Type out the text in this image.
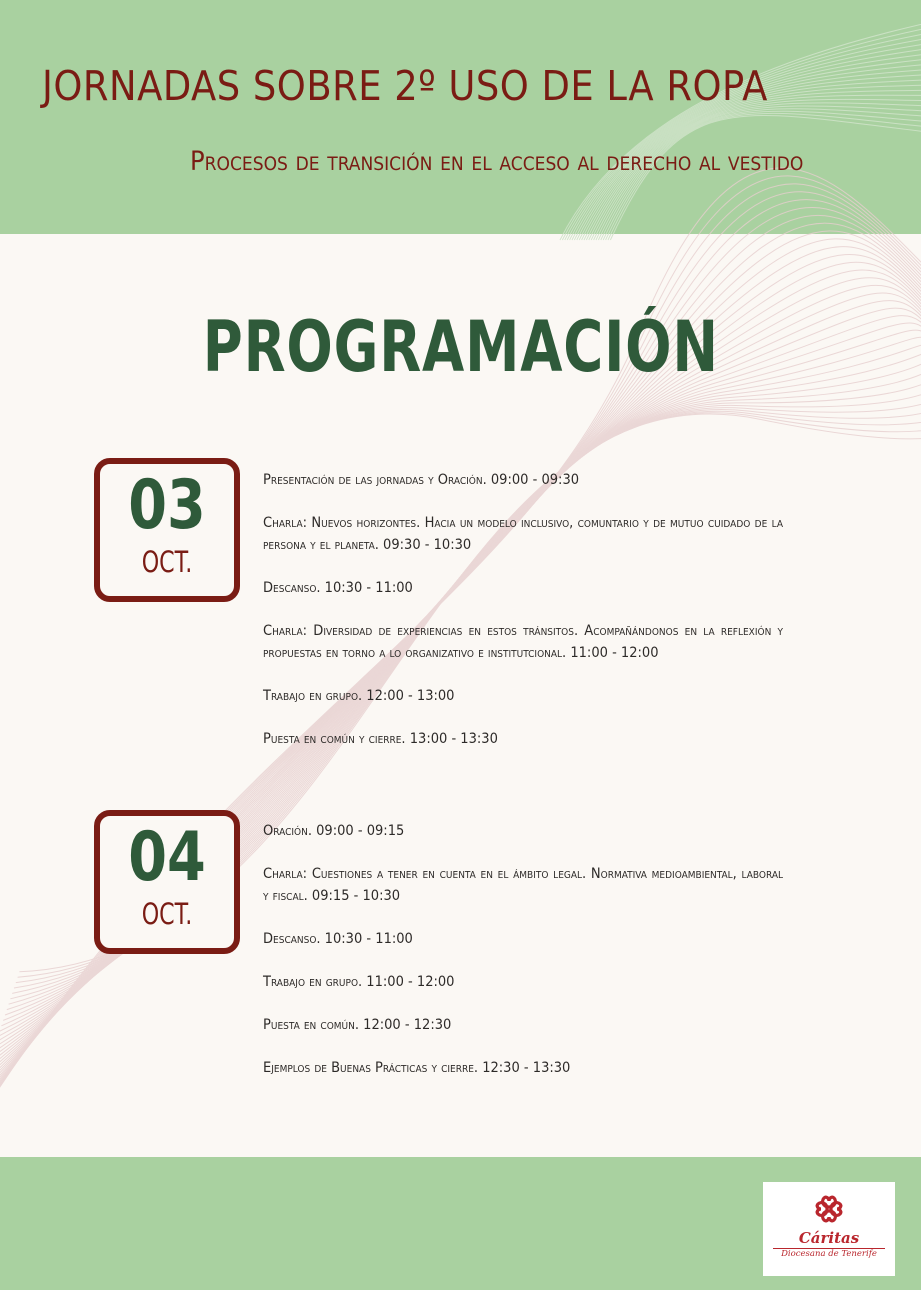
JORNADAS SOBRE 2º USO DE LA ROPA
Procesos de transición en el acceso al derecho al vestido
PROGRAMACIÓN
03
OCT.
Presentación de las jornadas y Oración. 09:00 - 09:30
Charla: Nuevos horizontes. Hacia un modelo inclusivo, comuntario y de mutuo cuidado de la persona y el planeta. 09:30 - 10:30
Descanso. 10:30 - 11:00
Charla: Diversidad de experiencias en estos tránsitos. Acompañándonos en la reflexión y propuestas en torno a lo organizativo e institutcional. 11:00 - 12:00
Trabajo en grupo. 12:00 - 13:00
Puesta en común y cierre. 13:00 - 13:30
04
OCT.
Oración. 09:00 - 09:15
Charla: Cuestiones a tener en cuenta en el ámbito legal. Normativa medioambiental, laboral y fiscal. 09:15 - 10:30
Descanso. 10:30 - 11:00
Trabajo en grupo. 11:00 - 12:00
Puesta en común. 12:00 - 12:30
Ejemplos de Buenas Prácticas y cierre. 12:30 - 13:30
Cáritas
Diocesana de Tenerife
